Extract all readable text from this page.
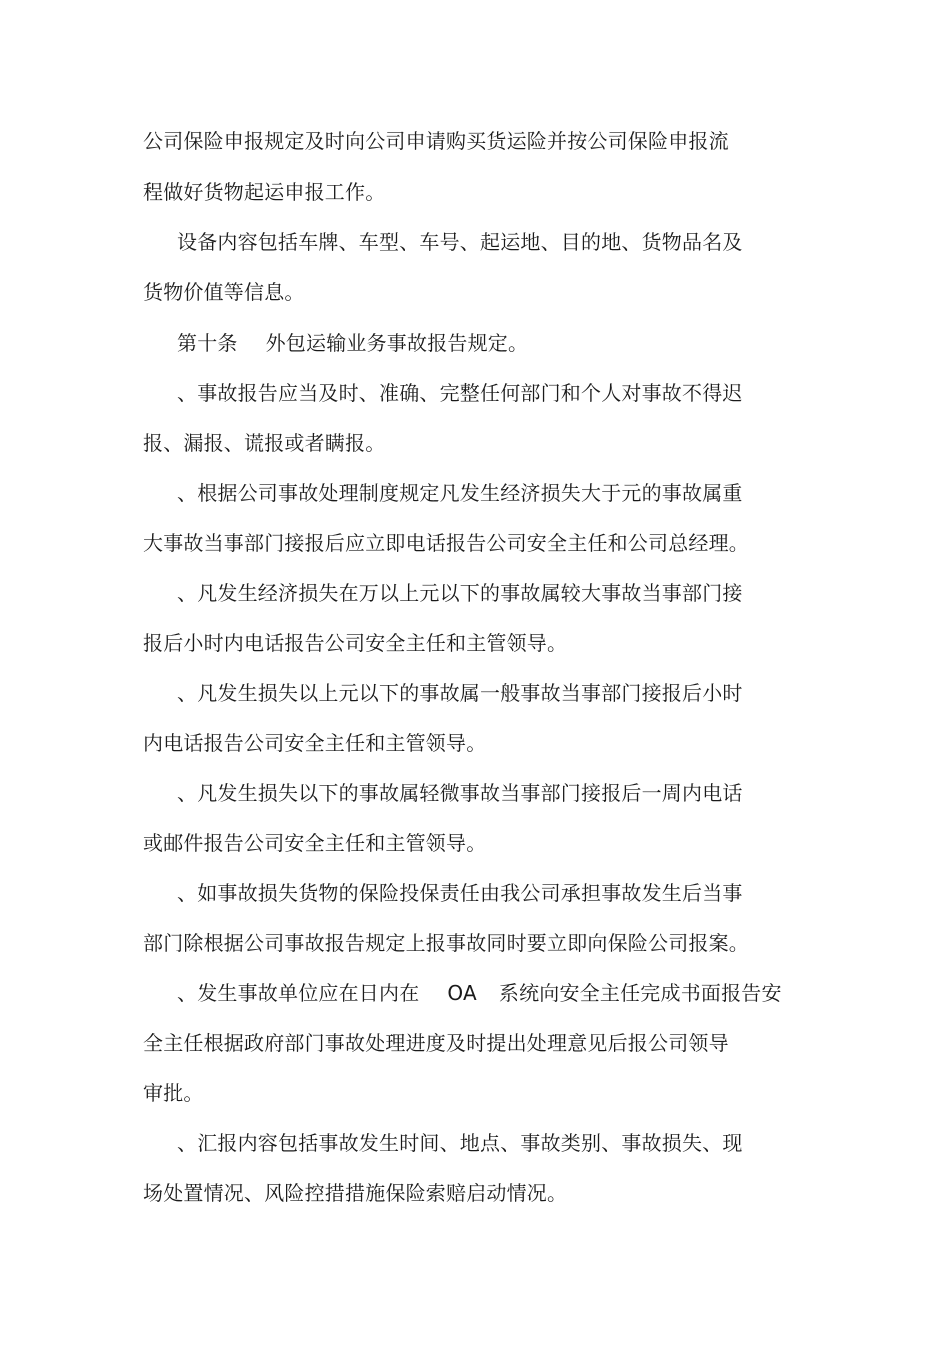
公司保险申报规定及时向公司申请购买货运险并按公司保险申报流
程做好货物起运申报工作。
设备内容包括车牌、车型、车号、起运地、目的地、货物品名及
货物价值等信息。
第十条 外包运输业务事故报告规定。
、事故报告应当及时、准确、完整任何部门和个人对事故不得迟
报、漏报、谎报或者瞒报。
、根据公司事故处理制度规定凡发生经济损失大于元的事故属重
大事故当事部门接报后应立即电话报告公司安全主任和公司总经理。
、凡发生经济损失在万以上元以下的事故属较大事故当事部门接
报后小时内电话报告公司安全主任和主管领导。
、凡发生损失以上元以下的事故属一般事故当事部门接报后小时
内电话报告公司安全主任和主管领导。
、凡发生损失以下的事故属轻微事故当事部门接报后一周内电话
或邮件报告公司安全主任和主管领导。
、如事故损失货物的保险投保责任由我公司承担事故发生后当事
部门除根据公司事故报告规定上报事故同时要立即向保险公司报案。
、发生事故单位应在日内在 OA 系统向安全主任完成书面报告安
全主任根据政府部门事故处理进度及时提出处理意见后报公司领导
审批。
、汇报内容包括事故发生时间、地点、事故类别、事故损失、现
场处置情况、风险控措措施保险索赔启动情况。
